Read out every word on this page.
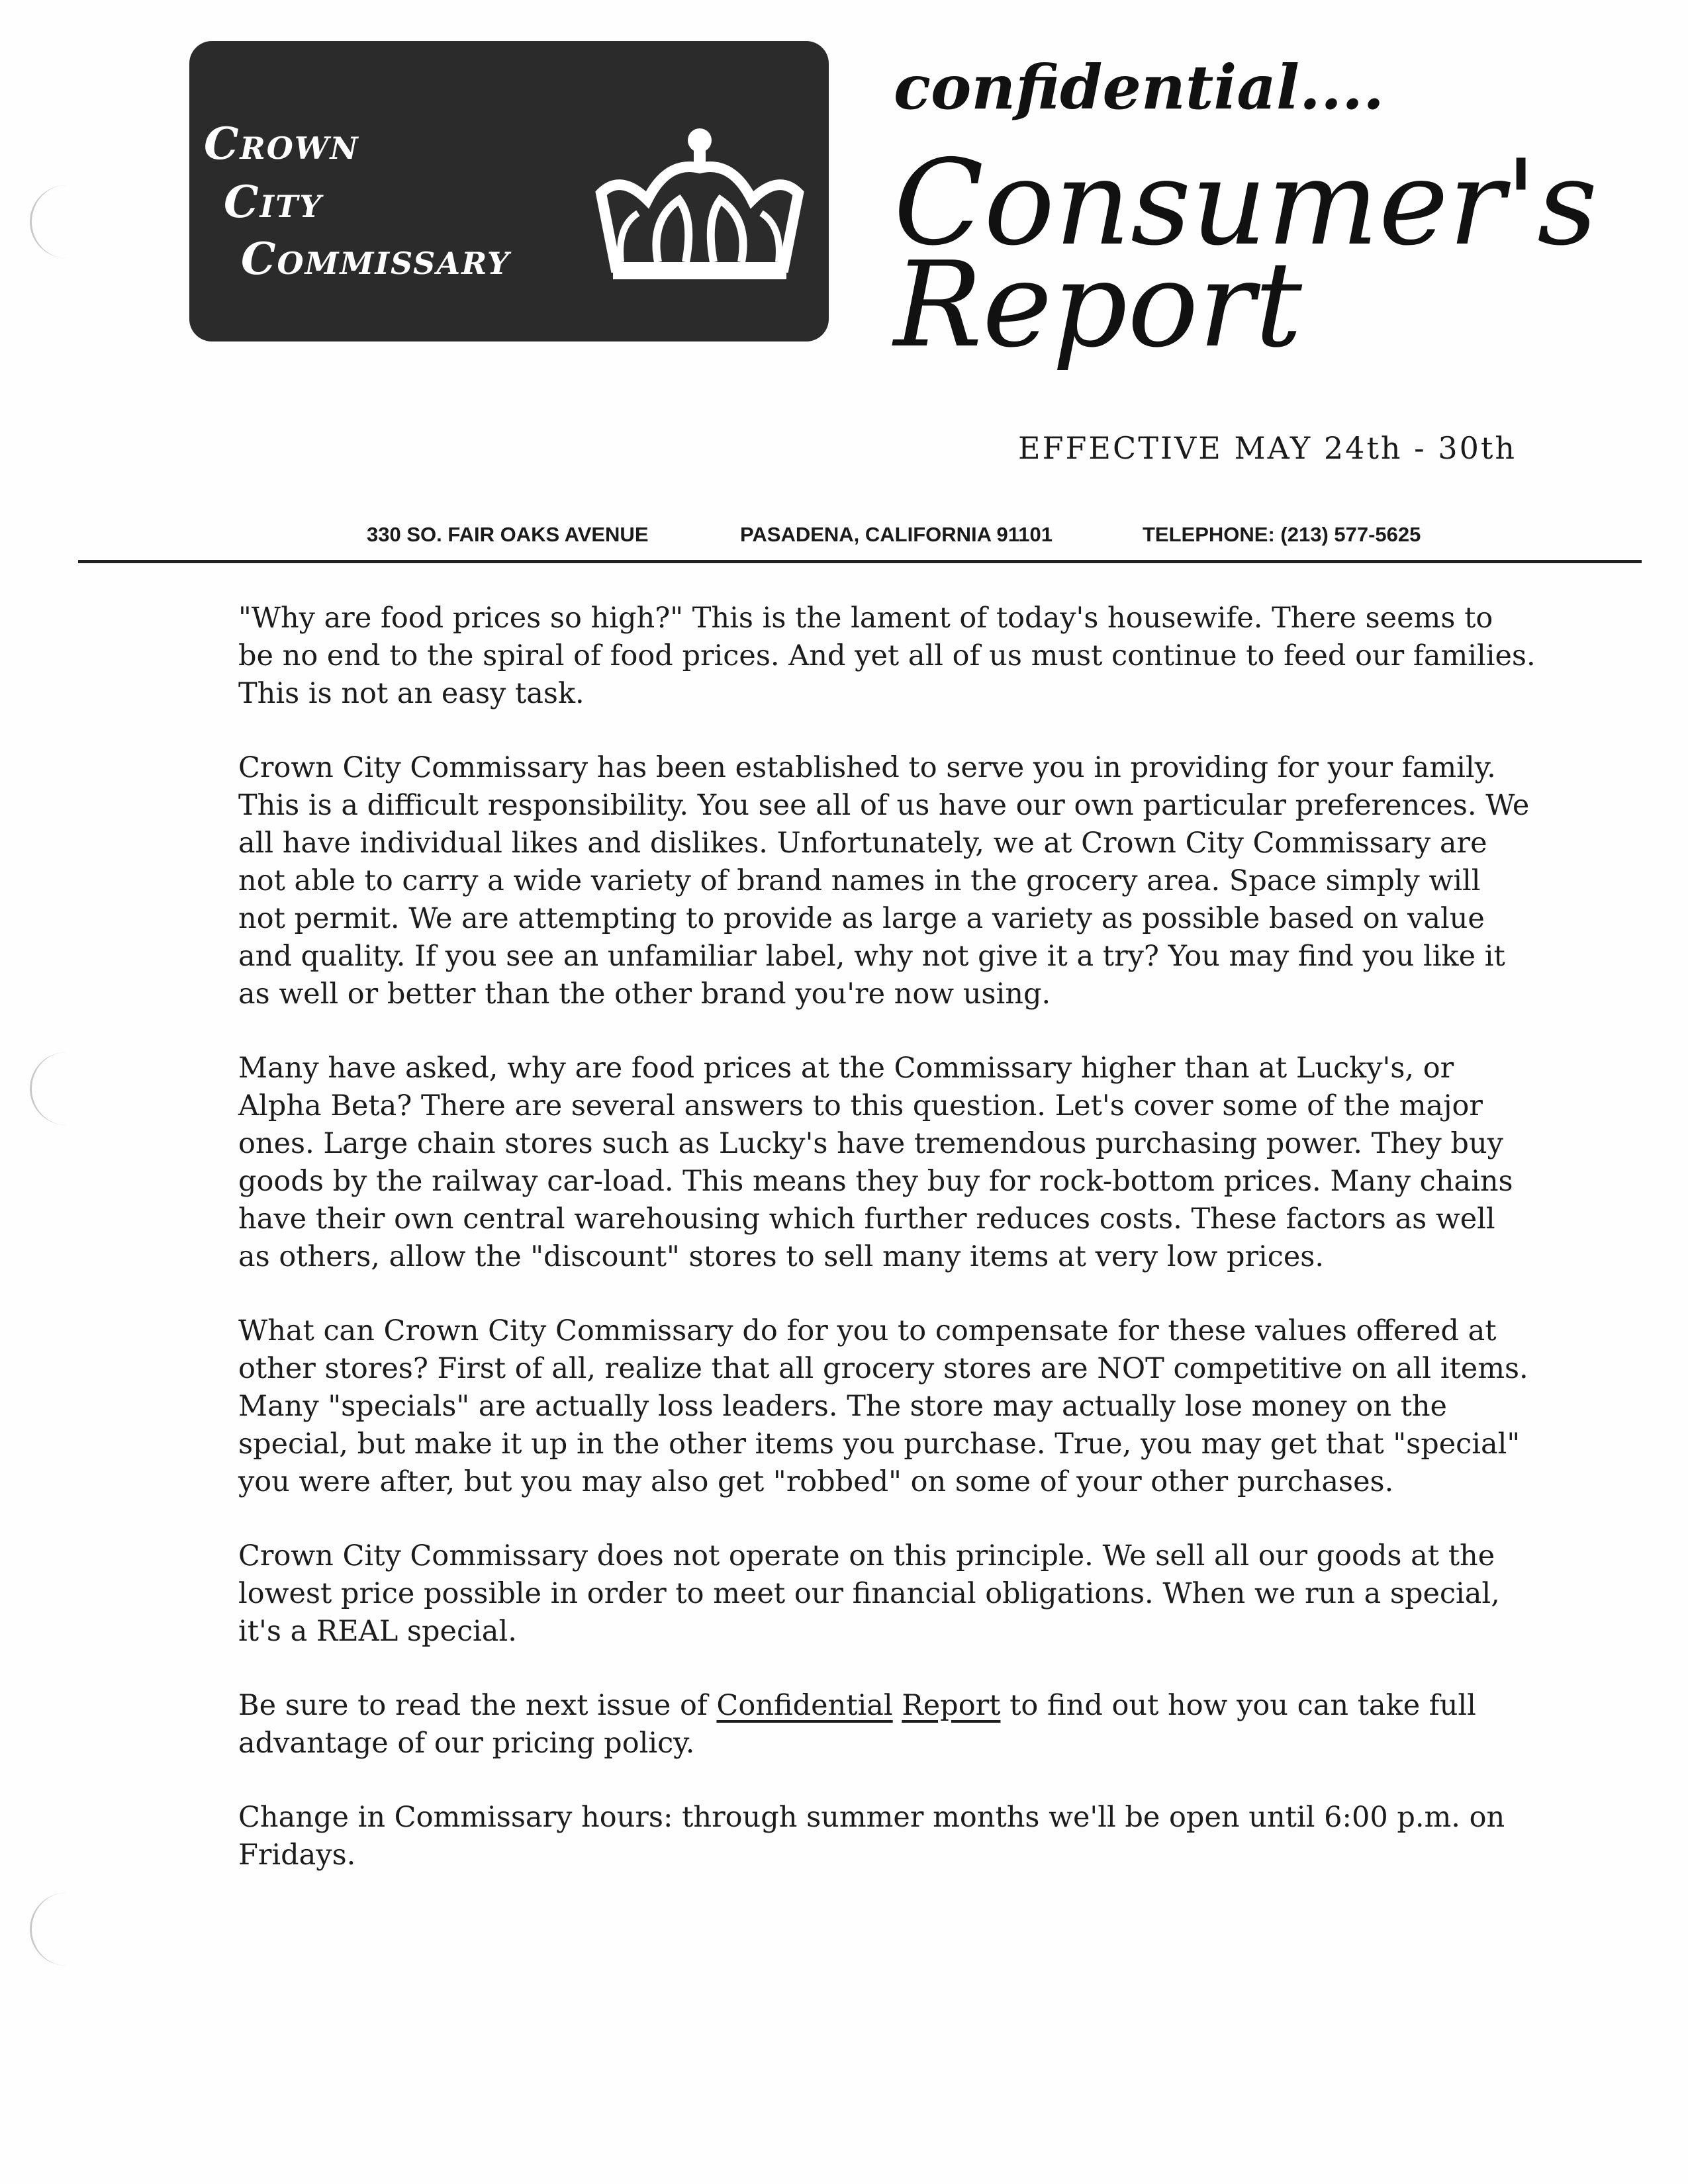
Crown
City
Commissary
confidential....
Consumer's
Report
EFFECTIVE MAY 24th - 30th
330 SO. FAIR OAKS AVENUE	PASADENA, CALIFORNIA 91101	TELEPHONE: (213) 577-5625

"Why are food prices so high?" This is the lament of today's housewife. There seems to be no end to the spiral of food prices. And yet all of us must continue to feed our families. This is not an easy task.

Crown City Commissary has been established to serve you in providing for your family. This is a difficult responsibility. You see all of us have our own particular preferences. We all have individual likes and dislikes. Unfortunately, we at Crown City Commissary are not able to carry a wide variety of brand names in the grocery area. Space simply will not permit. We are attempting to provide as large a variety as possible based on value and quality. If you see an unfamiliar label, why not give it a try? You may find you like it as well or better than the other brand you're now using.

Many have asked, why are food prices at the Commissary higher than at Lucky's, or Alpha Beta? There are several answers to this question. Let's cover some of the major ones. Large chain stores such as Lucky's have tremendous purchasing power. They buy goods by the railway car-load. This means they buy for rock-bottom prices. Many chains have their own central warehousing which further reduces costs. These factors as well as others, allow the "discount" stores to sell many items at very low prices.

What can Crown City Commissary do for you to compensate for these values offered at other stores? First of all, realize that all grocery stores are NOT competitive on all items. Many "specials" are actually loss leaders. The store may actually lose money on the special, but make it up in the other items you purchase. True, you may get that "special" you were after, but you may also get "robbed" on some of your other purchases.

Crown City Commissary does not operate on this principle. We sell all our goods at the lowest price possible in order to meet our financial obligations. When we run a special, it's a REAL special.

Be sure to read the next issue of Confidential Report to find out how you can take full advantage of our pricing policy.

Change in Commissary hours: through summer months we'll be open until 6:00 p.m. on Fridays.
